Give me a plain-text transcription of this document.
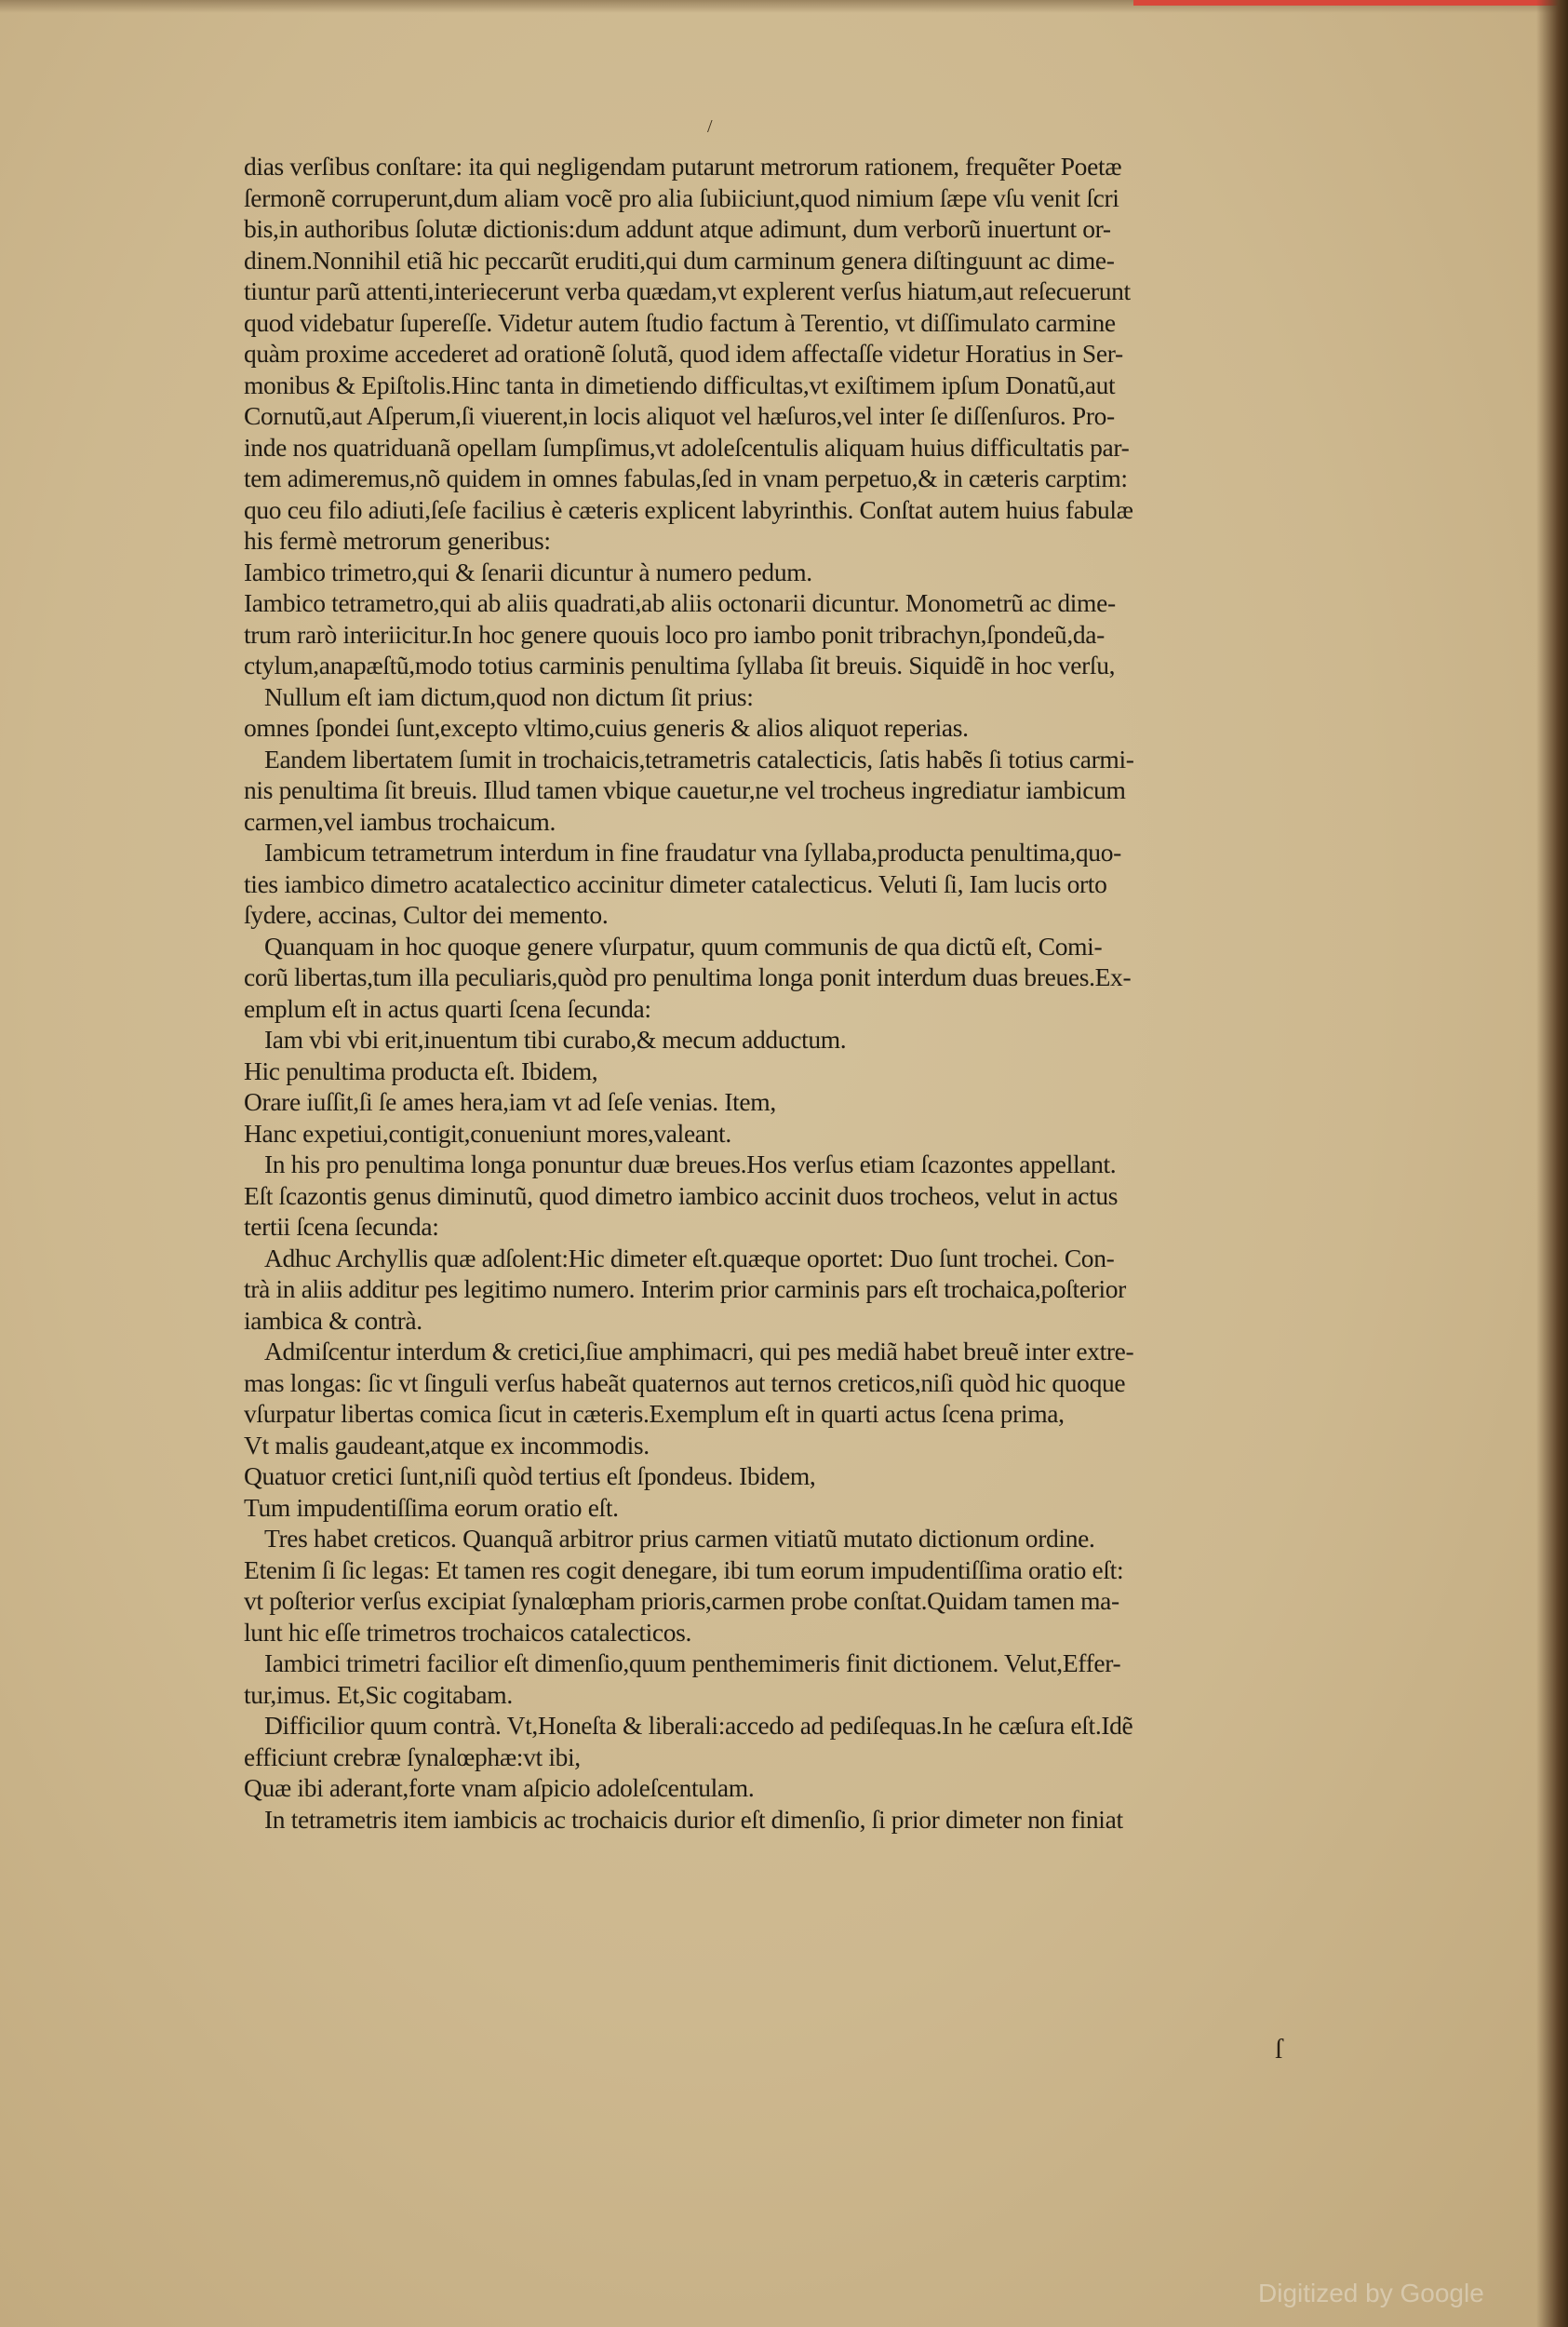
/

dias verſibus conſtare: ita qui negligendam putarunt metrorum rationem, frequẽter Poetæ

ſermonẽ corruperunt,dum aliam vocẽ pro alia ſubiiciunt,quod nimium ſæpe vſu venit ſcri

bis,in authoribus ſolutæ dictionis:dum addunt atque adimunt, dum verborũ inuertunt or-

dinem.Nonnihil etiã hic peccarũt eruditi,qui dum carminum genera diſtinguunt ac dime-

tiuntur parũ attenti,interiecerunt verba quædam,vt explerent verſus hiatum,aut reſecuerunt

quod videbatur ſupereſſe. Videtur autem ſtudio factum à Terentio, vt diſſimulato carmine

quàm proxime accederet ad orationẽ ſolutã, quod idem affectaſſe videtur Horatius in Ser-

monibus & Epiſtolis.Hinc tanta in dimetiendo difficultas,vt exiſtimem ipſum Donatũ,aut

Cornutũ,aut Aſperum,ſi viuerent,in locis aliquot vel hæſuros,vel inter ſe diſſenſuros. Pro-

inde nos quatriduanã opellam ſumpſimus,vt adoleſcentulis aliquam huius difficultatis par-

tem adimeremus,nõ quidem in omnes fabulas,ſed in vnam perpetuo,& in cæteris carptim:

quo ceu filo adiuti,ſeſe facilius è cæteris explicent labyrinthis. Conſtat autem huius fabulæ

his fermè metrorum generibus:

Iambico trimetro,qui & ſenarii dicuntur à numero pedum.

Iambico tetrametro,qui ab aliis quadrati,ab aliis octonarii dicuntur. Monometrũ ac dime-

trum rarò interiicitur.In hoc genere quouis loco pro iambo ponit tribrachyn,ſpondeũ,da-

ctylum,anapæſtũ,modo totius carminis penultima ſyllaba ſit breuis. Siquidẽ in hoc verſu,

Nullum eſt iam dictum,quod non dictum ſit prius:

omnes ſpondei ſunt,excepto vltimo,cuius generis & alios aliquot reperias.

Eandem libertatem ſumit in trochaicis,tetrametris catalecticis, ſatis habẽs ſi totius carmi-

nis penultima ſit breuis. Illud tamen vbique cauetur,ne vel trocheus ingrediatur iambicum

carmen,vel iambus trochaicum.

Iambicum tetrametrum interdum in fine fraudatur vna ſyllaba,producta penultima,quo-

ties iambico dimetro acatalectico accinitur dimeter catalecticus. Veluti ſi, Iam lucis orto

ſydere, accinas, Cultor dei memento.

Quanquam in hoc quoque genere vſurpatur, quum communis de qua dictũ eſt, Comi-

corũ libertas,tum illa peculiaris,quòd pro penultima longa ponit interdum duas breues.Ex-

emplum eſt in actus quarti ſcena ſecunda:

Iam vbi vbi erit,inuentum tibi curabo,& mecum adductum.

Hic penultima producta eſt. Ibidem,

Orare iuſſit,ſi ſe ames hera,iam vt ad ſeſe venias. Item,

Hanc expetiui,contigit,conueniunt mores,valeant.

In his pro penultima longa ponuntur duæ breues.Hos verſus etiam ſcazontes appellant.

Eſt ſcazontis genus diminutũ, quod dimetro iambico accinit duos trocheos, velut in actus

tertii ſcena ſecunda:

Adhuc Archyllis quæ adſolent:Hic dimeter eſt.quæque oportet: Duo ſunt trochei. Con-

trà in aliis additur pes legitimo numero. Interim prior carminis pars eſt trochaica,poſterior

iambica & contrà.

Admiſcentur interdum & cretici,ſiue amphimacri, qui pes mediã habet breuẽ inter extre-

mas longas: ſic vt ſinguli verſus habeãt quaternos aut ternos creticos,niſi quòd hic quoque

vſurpatur libertas comica ſicut in cæteris.Exemplum eſt in quarti actus ſcena prima,

Vt malis gaudeant,atque ex incommodis.

Quatuor cretici ſunt,niſi quòd tertius eſt ſpondeus. Ibidem,

Tum impudentiſſima eorum oratio eſt.

Tres habet creticos. Quanquã arbitror prius carmen vitiatũ mutato dictionum ordine.

Etenim ſi ſic legas: Et tamen res cogit denegare, ibi tum eorum impudentiſſima oratio eſt:

vt poſterior verſus excipiat ſynalœpham prioris,carmen probe conſtat.Quidam tamen ma-

lunt hic eſſe trimetros trochaicos catalecticos.

Iambici trimetri facilior eſt dimenſio,quum penthemimeris finit dictionem. Velut,Effer-

tur,imus. Et,Sic cogitabam.

Difficilior quum contrà. Vt,Honeſta & liberali:accedo ad pediſequas.In he cæſura eſt.Idẽ

efficiunt crebræ ſynalœphæ:vt ibi,

Quæ ibi aderant,forte vnam aſpicio adoleſcentulam.

In tetrametris item iambicis ac trochaicis durior eſt dimenſio, ſi prior dimeter non finiat

ſ
Digitized by Google
